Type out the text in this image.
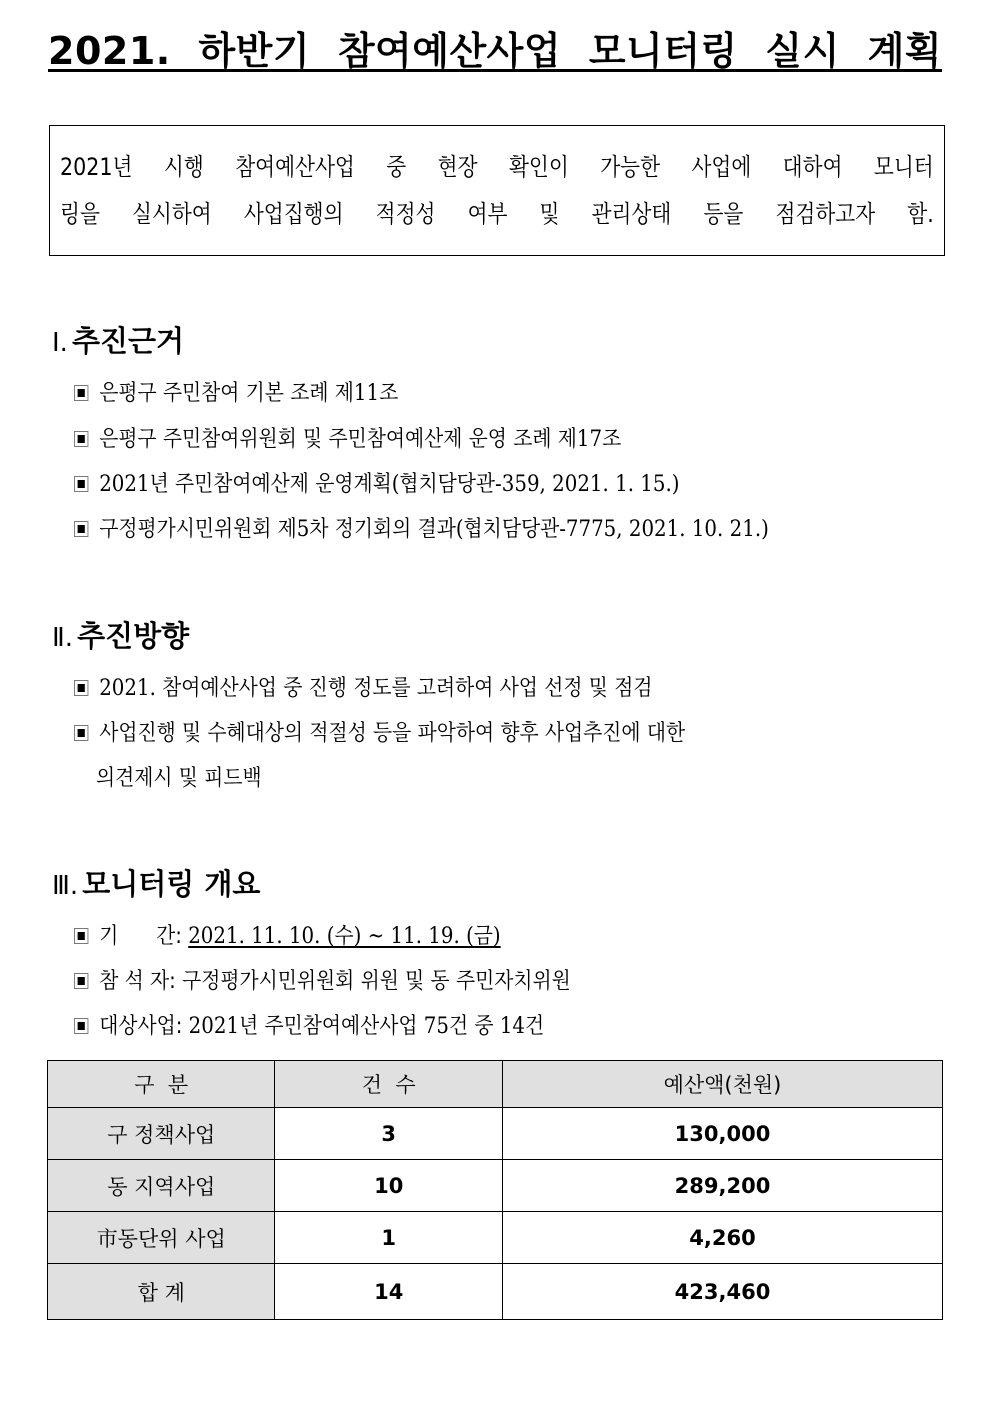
2021. 하반기 참여예산사업 모니터링 실시 계획
2021년 시행 참여예산사업 중 현장 확인이 가능한 사업에 대하여 모니터
링을 실시하여 사업집행의 적정성 여부 및 관리상태 등을 점검하고자 함.
Ⅰ. 추진근거
은평구 주민참여 기본 조례 제11조
은평구 주민참여위원회 및 주민참여예산제 운영 조례 제17조
2021년 주민참여예산제 운영계획(협치담당관-359, 2021. 1. 15.)
구정평가시민위원회 제5차 정기회의 결과(협치담당관-7775, 2021. 10. 21.)
Ⅱ. 추진방향
2021. 참여예산사업 중 진행 정도를 고려하여 사업 선정 및 점검
사업진행 및 수혜대상의 적절성 등을 파악하여 향후 사업추진에 대한
의견제시 및 피드백
Ⅲ. 모니터링 개요
기      간: 2021. 11. 10. (수) ~ 11. 19. (금)
참 석 자: 구정평가시민위원회 위원 및 동 주민자치위원
대상사업: 2021년 주민참여예산사업 75건 중 14건
구  분	건  수	예산액(천원)
구 정책사업	3	130,000
동 지역사업	10	289,200
市동단위 사업	1	4,260
합 계	14	423,460
